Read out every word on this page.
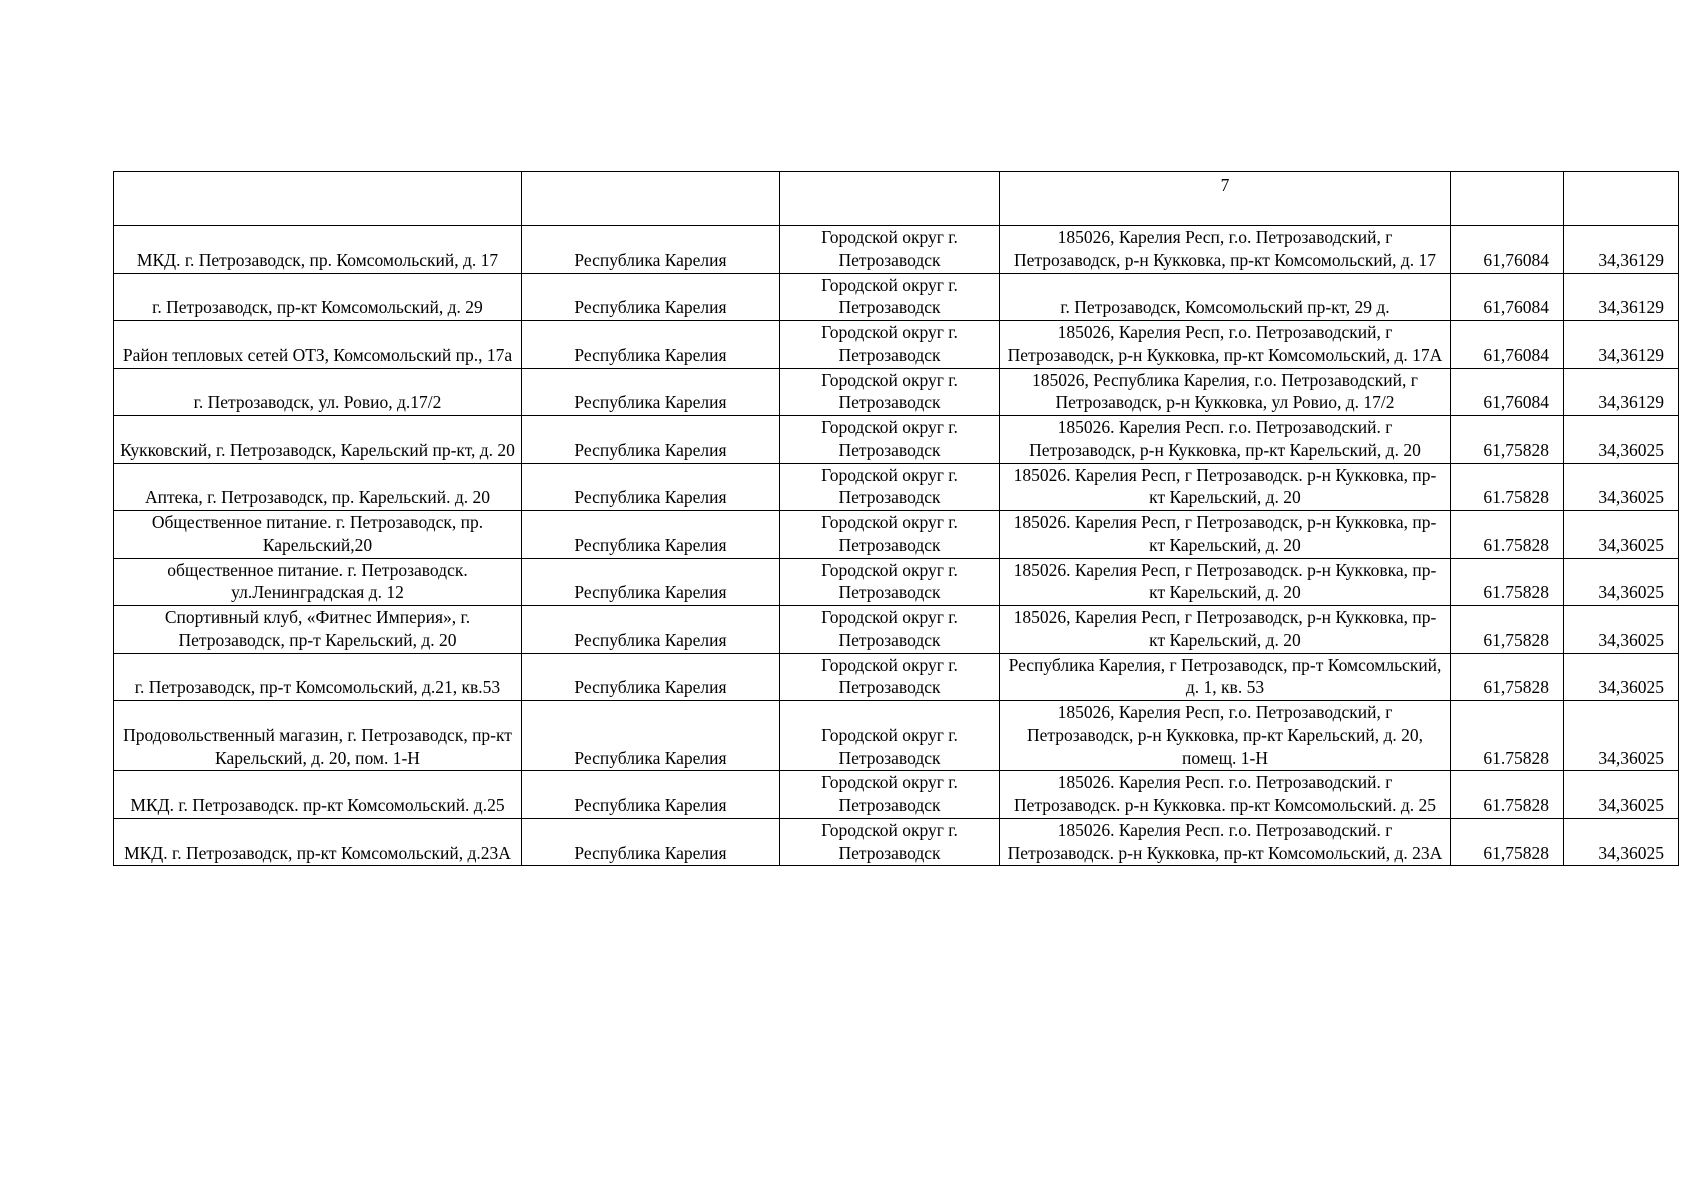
			7		
МКД. г. Петрозаводск, пр. Комсомольский, д. 17	Республика Карелия	Городской округ г. Петрозаводск	185026, Карелия Респ, г.о. Петрозаводский, г Петрозаводск, р-н Кукковка, пр-кт Комсомольский, д. 17	61,76084	34,36129
г. Петрозаводск, пр-кт Комсомольский, д. 29	Республика Карелия	Городской округ г. Петрозаводск	г. Петрозаводск, Комсомольский пр-кт, 29 д.	61,76084	34,36129
Район тепловых сетей ОТЗ, Комсомольский пр., 17а	Республика Карелия	Городской округ г. Петрозаводск	185026, Карелия Респ, г.о. Петрозаводский, г Петрозаводск, р-н Кукковка, пр-кт Комсомольский, д. 17А	61,76084	34,36129
г. Петрозаводск, ул. Ровио, д.17/2	Республика Карелия	Городской округ г. Петрозаводск	185026, Республика Карелия, г.о. Петрозаводский, г Петрозаводск, р-н Кукковка, ул Ровио, д. 17/2	61,76084	34,36129
Кукковский, г. Петрозаводск, Карельский пр-кт, д. 20	Республика Карелия	Городской округ г. Петрозаводск	185026. Карелия Респ. г.о. Петрозаводский. г Петрозаводск, р-н Кукковка, пр-кт Карельский, д. 20	61,75828	34,36025
Аптека, г. Петрозаводск, пр. Карельский. д. 20	Республика Карелия	Городской округ г. Петрозаводск	185026. Карелия Респ, г Петрозаводск. р-н Кукковка, пр-кт Карельский, д. 20	61.75828	34,36025
Общественное питание. г. Петрозаводск, пр. Карельский,20	Республика Карелия	Городской округ г. Петрозаводск	185026. Карелия Респ, г Петрозаводск, р-н Кукковка, пр-кт Карельский, д. 20	61.75828	34,36025
общественное питание. г. Петрозаводск. ул.Ленинградская д. 12	Республика Карелия	Городской округ г. Петрозаводск	185026. Карелия Респ, г Петрозаводск. р-н Кукковка, пр-кт Карельский, д. 20	61.75828	34,36025
Спортивный клуб, «Фитнес Империя», г. Петрозаводск, пр-т Карельский, д. 20	Республика Карелия	Городской округ г. Петрозаводск	185026, Карелия Респ, г Петрозаводск, р-н Кукковка, пр-кт Карельский, д. 20	61,75828	34,36025
г. Петрозаводск, пр-т Комсомольский, д.21, кв.53	Республика Карелия	Городской округ г. Петрозаводск	Республика Карелия, г Петрозаводск, пр-т Комсомльский, д. 1, кв. 53	61,75828	34,36025
Продовольственный магазин, г. Петрозаводск, пр-кт Карельский, д. 20, пом. 1-Н	Республика Карелия	Городской округ г. Петрозаводск	185026, Карелия Респ, г.о. Петрозаводский, г Петрозаводск, р-н Кукковка, пр-кт Карельский, д. 20, помещ. 1-Н	61.75828	34,36025
МКД. г. Петрозаводск. пр-кт Комсомольский. д.25	Республика Карелия	Городской округ г. Петрозаводск	185026. Карелия Респ. г.о. Петрозаводский. г Петрозаводск. р-н Кукковка. пр-кт Комсомольский. д. 25	61.75828	34,36025
МКД. г. Петрозаводск, пр-кт Комсомольский, д.23А	Республика Карелия	Городской округ г. Петрозаводск	185026. Карелия Респ. г.о. Петрозаводский. г Петрозаводск. р-н Кукковка, пр-кт Комсомольский, д. 23А	61,75828	34,36025
